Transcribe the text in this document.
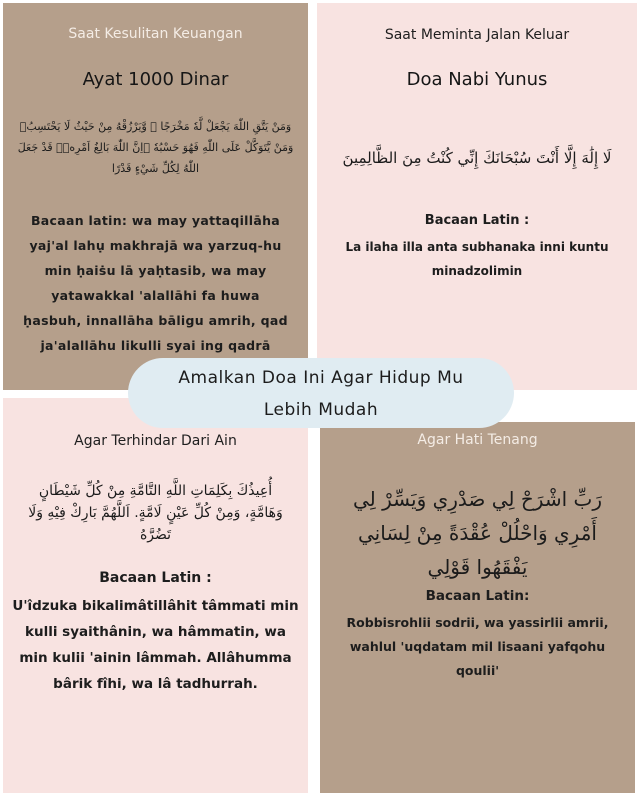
Saat Kesulitan Keuangan
Ayat 1000 Dinar
وَمَنْ يَتَّقِ اللّٰهَ يَجْعَلْ لَّهٗ مَخْرَجًا ۙ وَّيَرْزُقْهُ مِنْ حَيْثُ لَا يَحْتَسِبُۗ وَمَنْ يَّتَوَكَّلْ عَلَى اللّٰهِ فَهُوَ حَسْبُهٗ ۗاِنَّ اللّٰهَ بَالِغُ اَمْرِهٖۗ قَدْ جَعَلَ اللّٰهُ لِكُلِّ شَيْءٍ قَدْرًا
Bacaan latin: wa may yattaqillāha yaj'al lahụ makhrajā wa yarzuq-hu min ḥaiṡu lā yaḥtasib, wa may yatawakkal 'alallāhi fa huwa ḥasbuh, innallāha bāligu amrih, qad ja'alallāhu likulli syai ing qadrā
Saat Meminta Jalan Keluar
Doa Nabi Yunus
لَا إِلَٰهَ إِلَّا أَنْتَ سُبْحَانَكَ إِنِّي كُنْتُ مِنَ الظَّالِمِينَ
Bacaan Latin :
La ilaha illa anta subhanaka inni kuntu minadzolimin
Agar Terhindar Dari Ain
أُعِيذُكَ بِكَلِمَاتِ اللَّهِ التَّامَّةِ مِنْ كُلِّ شَيْطَانٍ وَهَامَّةٍ، وَمِنْ كُلِّ عَيْنٍ لَامَّةٍ. اَللَّهُمَّ بَارِكْ فِيْهِ وَلَا تَضُرَّهُ
Bacaan Latin :
U'îdzuka bikalimâtillâhit tâmmati min kulli syaithânin, wa hâmmatin, wa min kulii 'ainin lâmmah. Allâhumma bârik fîhi, wa lâ tadhurrah.
Agar Hati Tenang
رَبِّ اشْرَحْ لِي صَدْرِي وَيَسِّرْ لِي أَمْرِي وَاحْلُلْ عُقْدَةً مِنْ لِسَانِي يَفْقَهُوا قَوْلِي
Bacaan Latin:
Robbisrohlii sodrii, wa yassirlii amrii, wahlul 'uqdatam mil lisaani yafqohu qoulii'
Amalkan Doa Ini Agar Hidup Mu
Lebih Mudah
